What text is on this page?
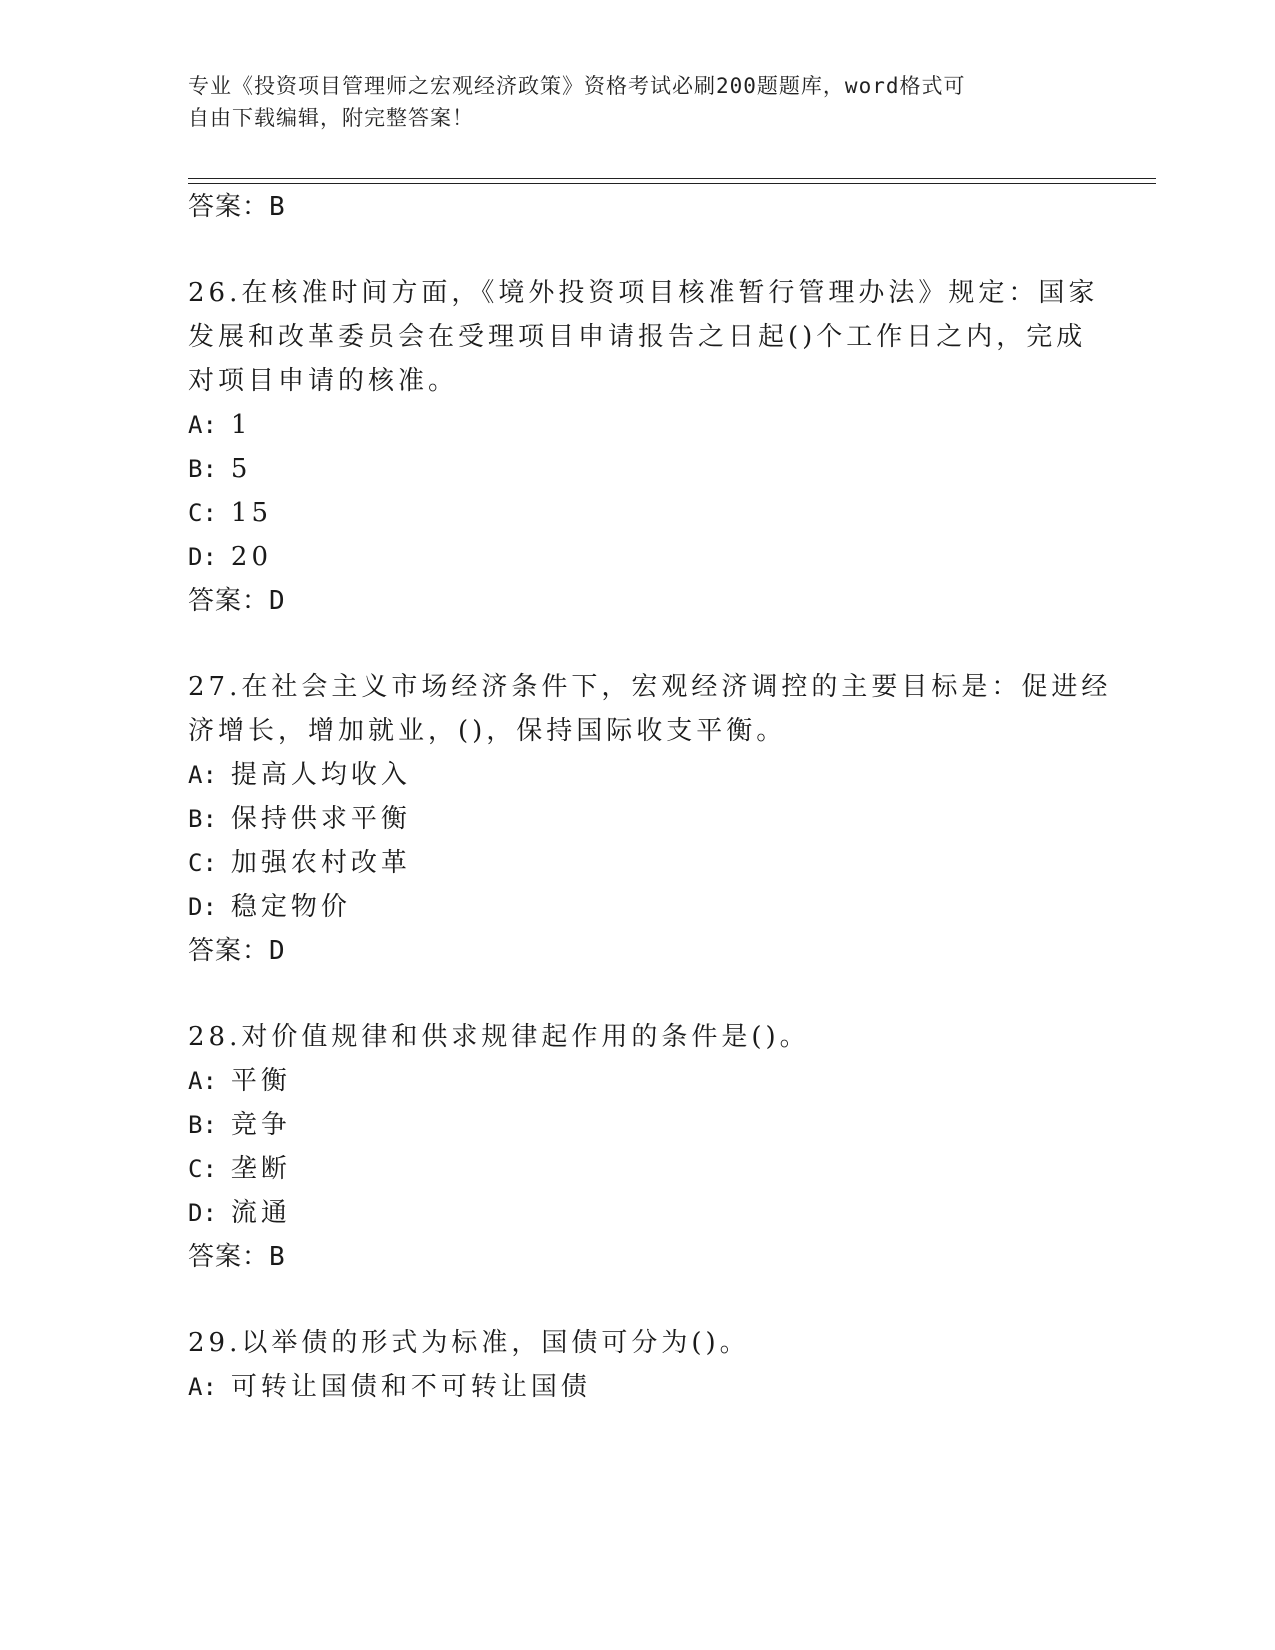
专业《投资项目管理师之宏观经济政策》资格考试必刷200题题库，word格式可
自由下载编辑，附完整答案！
答案：B
26.在核准时间方面，《境外投资项目核准暂行管理办法》规定：国家
发展和改革委员会在受理项目申请报告之日起()个工作日之内，完成
对项目申请的核准。
A: 1
B: 5
C: 15
D: 20
答案：D
27.在社会主义市场经济条件下，宏观经济调控的主要目标是：促进经
济增长，增加就业，()，保持国际收支平衡。
A: 提高人均收入
B: 保持供求平衡
C: 加强农村改革
D: 稳定物价
答案：D
28.对价值规律和供求规律起作用的条件是()。
A: 平衡
B: 竞争
C: 垄断
D: 流通
答案：B
29.以举债的形式为标准，国债可分为()。
A: 可转让国债和不可转让国债
